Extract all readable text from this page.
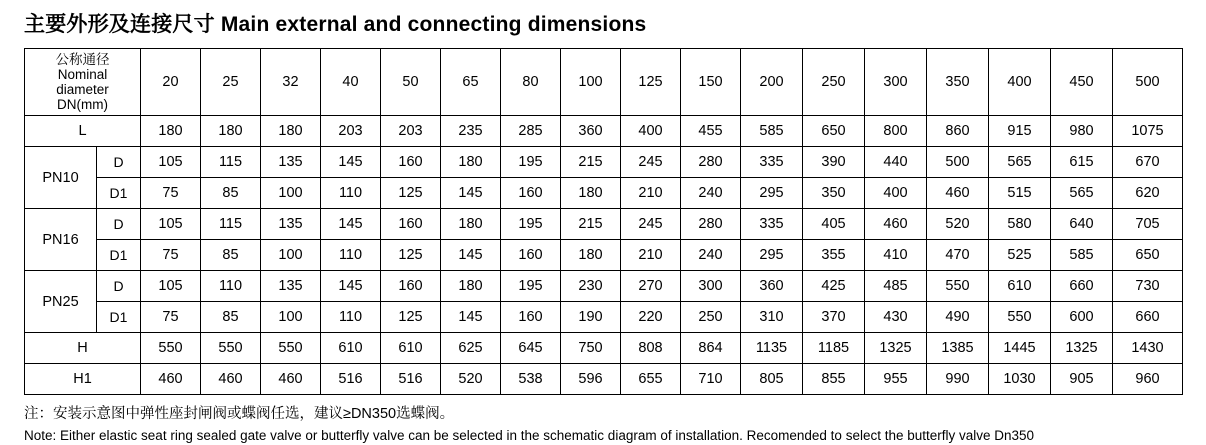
主要外形及连接尺寸 Main external and connecting dimensions
公称通径
Nominal
diameter
DN(mm)		20	25	32	40	50	65	80	100	125	150	200	250	300	350	400	450	500
L		180	180	180	203	203	235	285	360	400	455	585	650	800	860	915	980	1075
PN10	D	105	115	135	145	160	180	195	215	245	280	335	390	440	500	565	615	670
	D1	75	85	100	110	125	145	160	180	210	240	295	350	400	460	515	565	620
PN16	D	105	115	135	145	160	180	195	215	245	280	335	405	460	520	580	640	705
	D1	75	85	100	110	125	145	160	180	210	240	295	355	410	470	525	585	650
PN25	D	105	110	135	145	160	180	195	230	270	300	360	425	485	550	610	660	730
	D1	75	85	100	110	125	145	160	190	220	250	310	370	430	490	550	600	660
H		550	550	550	610	610	625	645	750	808	864	1135	1185	1325	1385	1445	1325	1430
H1		460	460	460	516	516	520	538	596	655	710	805	855	955	990	1030	905	960
注：安装示意图中弹性座封闸阀或蝶阀任选，建议≥DN350选蝶阀。
Note: Either elastic seat ring sealed gate valve or butterfly valve can be selected in the schematic diagram of installation. Recomended to select the butterfly valve Dn350
